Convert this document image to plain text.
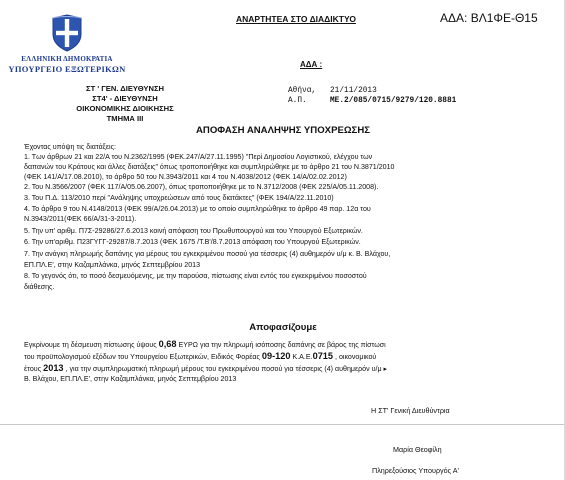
ΕΛΛΗΝΙΚΗ ΔΗΜΟΚΡΑΤΙΑ
ΥΠΟΥΡΓΕΙΟ ΕΞΩΤΕΡΙΚΩΝ
ΑΝΑΡΤΗΤΕΑ ΣΤΟ ΔΙΑΔΙΚΤΥΟ	ΑΔΑ: ΒΛ1ΦΕ-Θ15
ΑΔΑ :
ΣΤ ' ΓΕΝ. ΔΙΕΥΘΥΝΣΗ
ΣΤ4' - ΔΙΕΥΘΥΝΣΗ
ΟΙΚΟΝΟΜΙΚΗΣ ΔΙΟΙΚΗΣΗΣ
ΤΜΗΜΑ ΙΙΙ
Αθήνα, 21/11/2013
Α.Π.	ΜΕ.2/085/0715/9279/120.8881
ΑΠΟΦΑΣΗ ΑΝΑΛΗΨΗΣ ΥΠΟΧΡΕΩΣΗΣ
Έχοντας υπόψη τις διατάξεις:
1. Των άρθρων 21 και 22/Α του Ν.2362/1995 (ΦΕΚ.247/Α/27.11.1995) "Περί Δημοσίου Λογιστικού, ελέγχου των
δαπανών του Κράτους και άλλες διατάξεις" όπως τροποποιήθηκε και συμπληρώθηκε με το άρθρο 21 του Ν.3871/2010
(ΦΕΚ 141/Α/17.08.2010), το άρθρο 50 του Ν.3943/2011 και 4 του Ν.4038/2012 (ΦΕΚ 14/Α/02.02.2012)
2. Του Ν.3566/2007 (ΦΕΚ 117/Α/05.06.2007), όπως τροποποιήθηκε με το Ν.3712/2008 (ΦΕΚ 225/Α/05.11.2008).
3. Του Π.Δ. 113/2010 περί "Ανάληψης υποχρεώσεων από τους διατάκτες" (ΦΕΚ 194/Α/22.11.2010)
4. Το άρθρο 9 του Ν.4148/2013 (ΦΕΚ 99/Α/26.04.2013) με το οποίο συμπληρώθηκε το άρθρο 49 παρ. 12α του
Ν.3943/2011(ΦΕΚ 66/Α/31-3-2011).
5. Την υπ' αριθμ. Π7Σ-29286/27.6.2013 κοινή απόφαση του Πρωθυπουργού και του Υπουργού Εξωτερικών.
6. Την υπ'αριθμ. Π23ΓΥΓΓ-29287/8.7.2013 (ΦΕΚ 1675 /Τ.Β'/8.7.2013 απόφαση του Υπουργού Εξωτερικών.
7. Την ανάγκη πληρωμής δαπάνης για μέρους του εγκεκριμένου ποσού για τέσσερις (4) αυθημερόν υ/μ κ. Β. Βλάχου,
ΕΠ.ΠΛ.Ε', στην Καζαμπλάνκα, μηνός Σεπτεμβρίου 2013
8. Το γεγονός ότι, το ποσό δεσμευόμενης, με την παρούσα, πίστωσης είναι εντός του εγκεκριμένου ποσοστού
διάθεσης.
Αποφασίζουμε
Εγκρίνουμε τη δέσμευση πίστωσης ύψους 0,68 ΕΥΡΩ για την πληρωμή ισόποσης δαπάνης σε βάρος της πίστωσι
του προϋπολογισμού εξόδων του Υπουργείου Εξωτερικών, Ειδικός Φορέας 09-120 Κ.Α.Ε.0715 , οικονομικού
έτους 2013 , για την συμπληρωματική πληρωμή μέρους του εγκεκριμένου ποσού για τέσσερις (4) αυθημερόν υ/μ ▸
Β. Βλάχου, ΕΠ.ΠΛ.Ε', στην Καζαμπλάνκα, μηνός Σεπτεμβρίου 2013
Η ΣΤ' Γενική Διευθύντρια
Μαρία Θεοφίλη
Πληρεξούσιος Υπουργός Α'
